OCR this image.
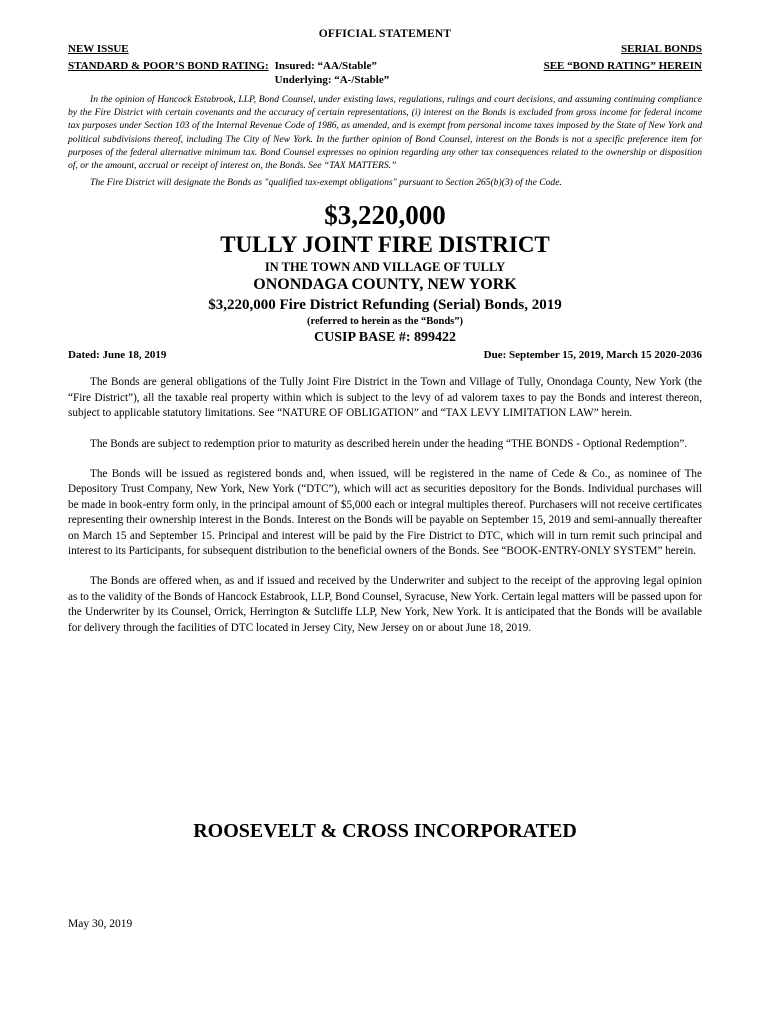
OFFICIAL STATEMENT

NEW ISSUE	SERIAL BONDS
STANDARD & POOR’S BOND RATING: Insured: “AA/Stable”
Underlying: “A-/Stable”
SEE “BOND RATING” HEREIN

In the opinion of Hancock Estabrook, LLP, Bond Counsel, under existing laws, regulations, rulings and court decisions, and assuming continuing compliance by the Fire District with certain covenants and the accuracy of certain representations, (i) interest on the Bonds is excluded from gross income for federal income tax purposes under Section 103 of the Internal Revenue Code of 1986, as amended, and is exempt from personal income taxes imposed by the State of New York and political subdivisions thereof, including The City of New York. In the further opinion of Bond Counsel, interest on the Bonds is not a specific preference item for purposes of the federal alternative minimum tax. Bond Counsel expresses no opinion regarding any other tax consequences related to the ownership or disposition of, or the amount, accrual or receipt of interest on, the Bonds. See “TAX MATTERS.”

The Fire District will designate the Bonds as "qualified tax-exempt obligations" pursuant to Section 265(b)(3) of the Code.

$3,220,000

TULLY JOINT FIRE DISTRICT

IN THE TOWN AND VILLAGE OF TULLY

ONONDAGA COUNTY, NEW YORK

$3,220,000 Fire District Refunding (Serial) Bonds, 2019

(referred to herein as the “Bonds”)

CUSIP BASE #: 899422

Dated: June 18, 2019	Due: September 15, 2019, March 15 2020-2036

The Bonds are general obligations of the Tully Joint Fire District in the Town and Village of Tully, Onondaga County, New York (the “Fire District”), all the taxable real property within which is subject to the levy of ad valorem taxes to pay the Bonds and interest thereon, subject to applicable statutory limitations. See “NATURE OF OBLIGATION” and “TAX LEVY LIMITATION LAW” herein.

The Bonds are subject to redemption prior to maturity as described herein under the heading “THE BONDS - Optional Redemption”.

The Bonds will be issued as registered bonds and, when issued, will be registered in the name of Cede & Co., as nominee of The Depository Trust Company, New York, New York (“DTC”), which will act as securities depository for the Bonds. Individual purchases will be made in book-entry form only, in the principal amount of $5,000 each or integral multiples thereof. Purchasers will not receive certificates representing their ownership interest in the Bonds. Interest on the Bonds will be payable on September 15, 2019 and semi-annually thereafter on March 15 and September 15. Principal and interest will be paid by the Fire District to DTC, which will in turn remit such principal and interest to its Participants, for subsequent distribution to the beneficial owners of the Bonds. See “BOOK-ENTRY-ONLY SYSTEM” herein.

The Bonds are offered when, as and if issued and received by the Underwriter and subject to the receipt of the approving legal opinion as to the validity of the Bonds of Hancock Estabrook, LLP, Bond Counsel, Syracuse, New York. Certain legal matters will be passed upon for the Underwriter by its Counsel, Orrick, Herrington & Sutcliffe LLP, New York, New York. It is anticipated that the Bonds will be available for delivery through the facilities of DTC located in Jersey City, New Jersey on or about June 18, 2019.

ROOSEVELT & CROSS INCORPORATED
May 30, 2019
